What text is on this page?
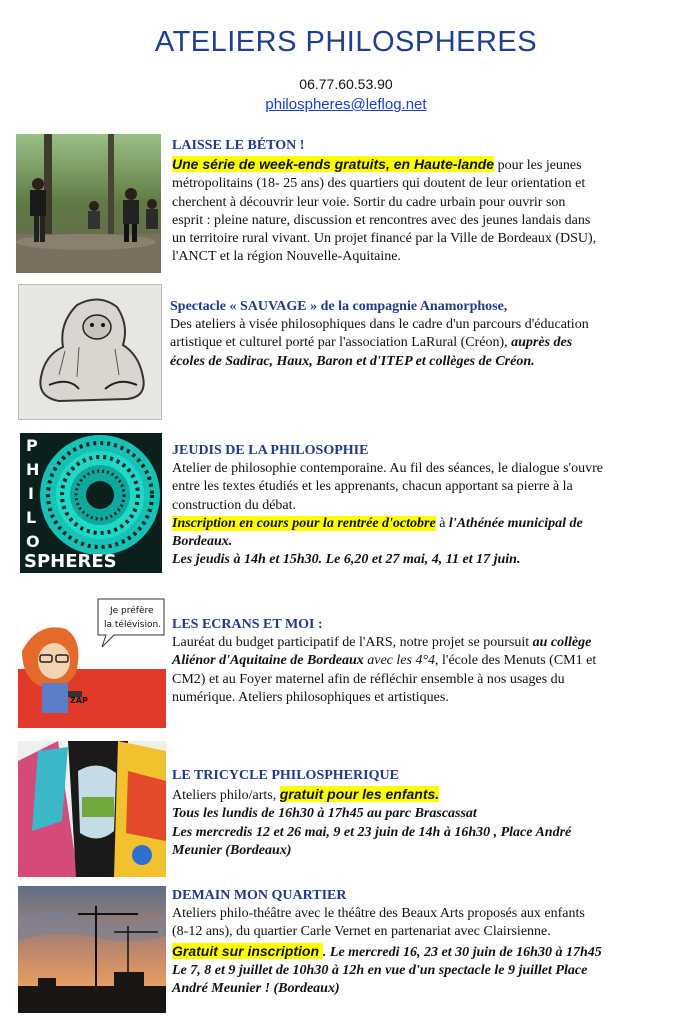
ATELIERS PHILOSPHERES
06.77.60.53.90
philospheres@leflog.net

LAISSE LE BÉTON !

Une série de week-ends gratuits, en Haute-lande pour les jeunes

métropolitains (18- 25 ans) des quartiers qui doutent de leur orientation et

cherchent à découvrir leur voie. Sortir du cadre urbain pour ouvrir son

esprit : pleine nature, discussion et rencontres avec des jeunes landais dans

un territoire rural vivant. Un projet financé par la Ville de Bordeaux (DSU),

l'ANCT et la région Nouvelle-Aquitaine.

Spectacle « SAUVAGE » de la compagnie Anamorphose,

Des ateliers à visée philosophiques dans le cadre d'un parcours d'éducation

artistique et culturel porté par l'association LaRural (Créon), auprès des

écoles de Sadirac, Haux, Baron et d'ITEP et collèges de Créon.

P
H
I
L
O
SPHERES

JEUDIS DE LA PHILOSOPHIE

Atelier de philosophie contemporaine. Au fil des séances, le dialogue s'ouvre

entre les textes étudiés et les apprenants, chacun apportant sa pierre à la

construction du débat.

Inscription en cours pour la rentrée d'octobre à l'Athénée municipal de

Bordeaux.

Les jeudis à 14h et 15h30. Le 6,20 et 27 mai, 4, 11 et 17 juin.

ZAP
Je préfère
la télévision. LES ECRANS ET MOI :

Lauréat du budget participatif de l'ARS, notre projet se poursuit au collège

Aliénor d'Aquitaine de Bordeaux avec les 4°4, l'école des Menuts (CM1 et

CM2) et au Foyer maternel afin de réfléchir ensemble à nos usages du

numérique. Ateliers philosophiques et artistiques.

LE TRICYCLE PHILOSPHERIQUE

Ateliers philo/arts, gratuit pour les enfants.

Tous les lundis de 16h30 à 17h45 au parc Brascassat

Les mercredis 12 et 26 mai, 9 et 23 juin de 14h à 16h30 , Place André

Meunier (Bordeaux)

DEMAIN MON QUARTIER

Ateliers philo-théâtre avec le théâtre des Beaux Arts proposés aux enfants

(8-12 ans), du quartier Carle Vernet en partenariat avec Clairsienne.

Gratuit sur inscription . Le mercredi 16, 23 et 30 juin de 16h30 à 17h45

Le 7, 8 et 9 juillet de 10h30 à 12h en vue d'un spectacle le 9 juillet Place

André Meunier ! (Bordeaux)
